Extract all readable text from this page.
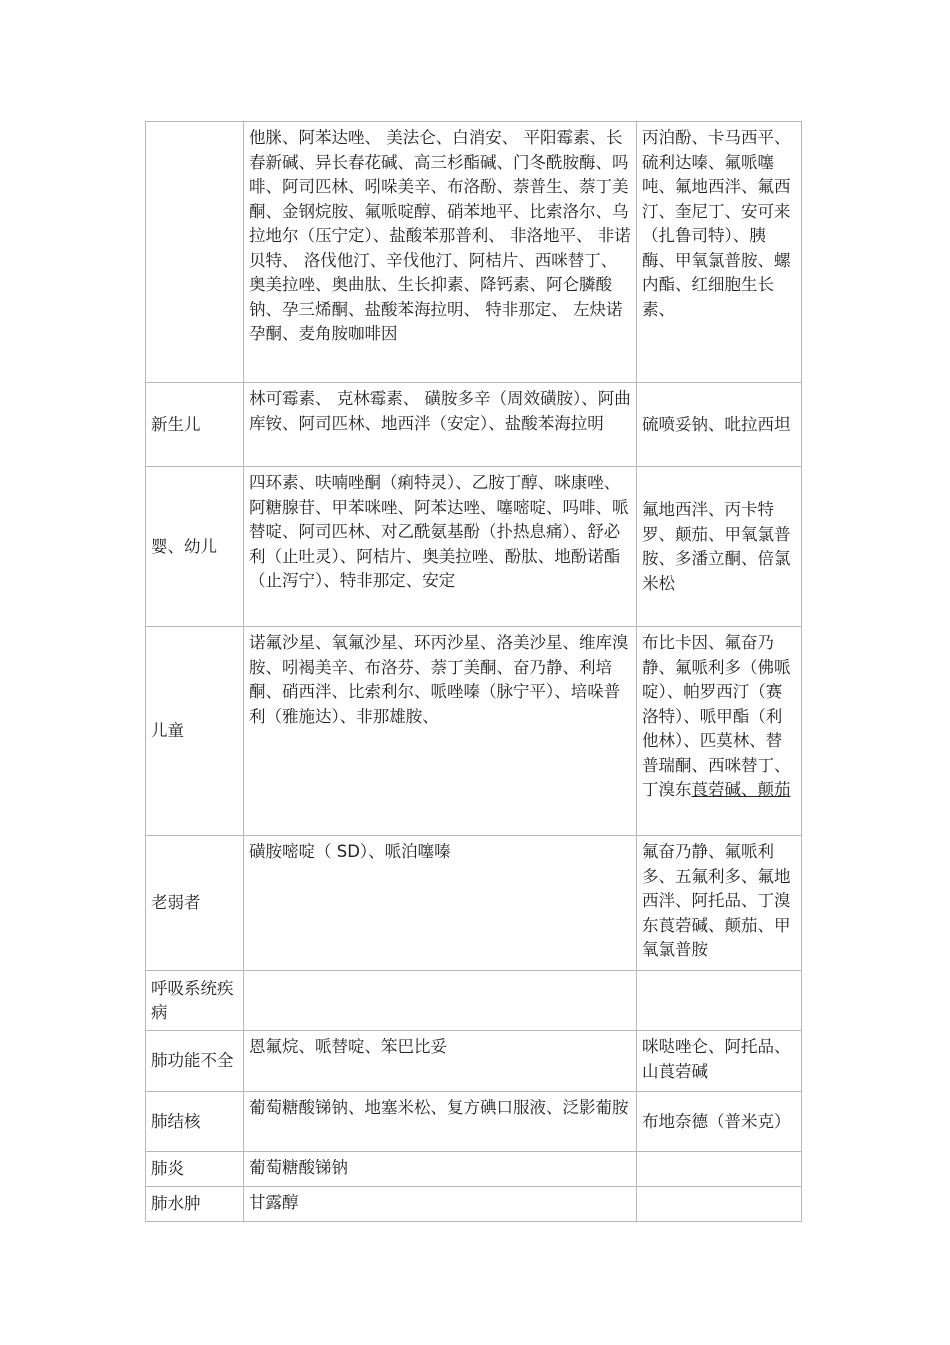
	他脒、阿苯达唑、 美法仑、白消安、 平阳霉素、长春新碱、异长春花碱、高三杉酯碱、门冬酰胺酶、吗啡、阿司匹林、吲哚美辛、布洛酚、萘普生、萘丁美酮、金钢烷胺、氟哌啶醇、硝苯地平、比索洛尔、乌拉地尔（压宁定）、盐酸苯那普利、 非洛地平、 非诺贝特、 洛伐他汀、辛伐他汀、阿桔片、西咪替丁、奥美拉唑、奥曲肽、生长抑素、降钙素、阿仑膦酸钠、孕三烯酮、盐酸苯海拉明、 特非那定、 左炔诺孕酮、麦角胺咖啡因	丙泊酚、卡马西平、硫利达嗪、氟哌噻吨、氟地西泮、氟西汀、奎尼丁、安可来（扎鲁司特）、胰酶、甲氧氯普胺、螺内酯、红细胞生长素、
新生儿	林可霉素、 克林霉素、 磺胺多辛（周效磺胺）、阿曲库铵、阿司匹林、地西泮（安定）、盐酸苯海拉明	硫喷妥钠、吡拉西坦
婴、幼儿	四环素、呋喃唑酮（痢特灵）、乙胺丁醇、咪康唑、阿糖腺苷、甲苯咪唑、阿苯达唑、噻嘧啶、吗啡、哌替啶、阿司匹林、对乙酰氨基酚（扑热息痛）、舒必利（止吐灵）、阿桔片、奥美拉唑、酚肽、地酚诺酯（止泻宁）、特非那定、安定	氟地西泮、丙卡特罗、颠茄、甲氧氯普胺、多潘立酮、倍氯米松
儿童	诺氟沙星、氧氟沙星、环丙沙星、洛美沙星、维库溴胺、吲褐美辛、布洛芬、萘丁美酮、奋乃静、利培酮、硝西泮、比索利尔、哌唑嗪（脉宁平）、培哚普利（雅施达）、非那雄胺、	布比卡因、氟奋乃静、氟哌利多（佛哌啶）、帕罗西汀（赛洛特）、哌甲酯（利他林）、匹莫林、替普瑞酮、西咪替丁、丁溴东莨菪碱、颠茄
老弱者	磺胺嘧啶（ SD）、哌泊噻嗪	氟奋乃静、氟哌利多、五氟利多、氟地西泮、阿托品、丁溴东莨菪碱、颠茄、甲氧氯普胺
呼吸系统疾病		
肺功能不全	恩氟烷、哌替啶、笨巴比妥	咪哒唑仑、阿托品、山莨菪碱
肺结核	葡萄糖酸锑钠、地塞米松、复方碘口服液、泛影葡胺	布地奈德（普米克）
肺炎	葡萄糖酸锑钠	
肺水肿	甘露醇	
